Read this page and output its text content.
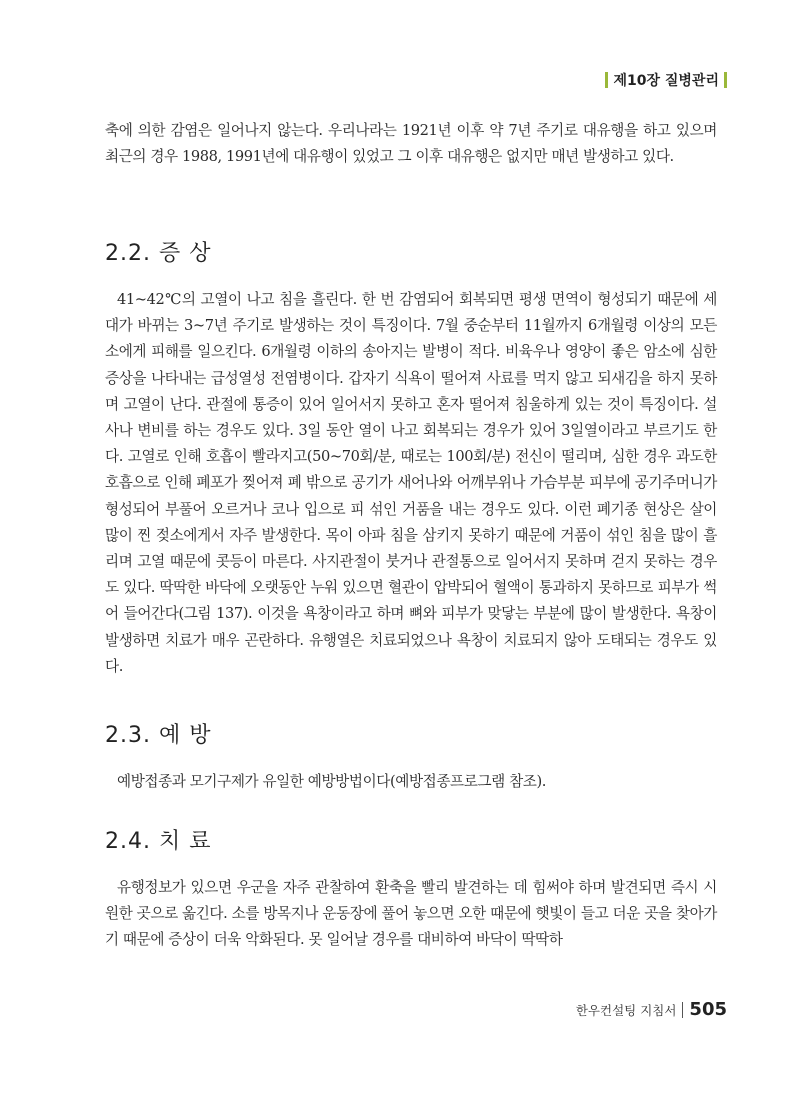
제10장 질병관리

축에 의한 감염은 일어나지 않는다. 우리나라는 1921년 이후 약 7년 주기로 대유행을 하고 있으며 최근의 경우 1988, 1991년에 대유행이 있었고 그 이후 대유행은 없지만 매년 발생하고 있다.

2.2. 증 상

41~42℃의 고열이 나고 침을 흘린다. 한 번 감염되어 회복되면 평생 면역이 형성되기 때문에 세대가 바뀌는 3~7년 주기로 발생하는 것이 특징이다. 7월 중순부터 11월까지 6개월령 이상의 모든 소에게 피해를 일으킨다. 6개월령 이하의 송아지는 발병이 적다. 비육우나 영양이 좋은 암소에 심한 증상을 나타내는 급성열성 전염병이다. 갑자기 식욕이 떨어져 사료를 먹지 않고 되새김을 하지 못하며 고열이 난다. 관절에 통증이 있어 일어서지 못하고 혼자 떨어져 침울하게 있는 것이 특징이다. 설사나 변비를 하는 경우도 있다. 3일 동안 열이 나고 회복되는 경우가 있어 3일열이라고 부르기도 한다. 고열로 인해 호흡이 빨라지고(50~70회/분, 때로는 100회/분) 전신이 떨리며, 심한 경우 과도한 호흡으로 인해 폐포가 찢어져 폐 밖으로 공기가 새어나와 어깨부위나 가슴부분 피부에 공기주머니가 형성되어 부풀어 오르거나 코나 입으로 피 섞인 거품을 내는 경우도 있다. 이런 폐기종 현상은 살이 많이 찐 젖소에게서 자주 발생한다. 목이 아파 침을 삼키지 못하기 때문에 거품이 섞인 침을 많이 흘리며 고열 때문에 콧등이 마른다. 사지관절이 붓거나 관절통으로 일어서지 못하며 걷지 못하는 경우도 있다. 딱딱한 바닥에 오랫동안 누워 있으면 혈관이 압박되어 혈액이 통과하지 못하므로 피부가 썩어 들어간다(그림 137). 이것을 욕창이라고 하며 뼈와 피부가 맞닿는 부분에 많이 발생한다. 욕창이 발생하면 치료가 매우 곤란하다. 유행열은 치료되었으나 욕창이 치료되지 않아 도태되는 경우도 있다.

2.3. 예 방

예방접종과 모기구제가 유일한 예방방법이다(예방접종프로그램 참조).

2.4. 치 료

유행정보가 있으면 우군을 자주 관찰하여 환축을 빨리 발견하는 데 힘써야 하며 발견되면 즉시 시원한 곳으로 옮긴다. 소를 방목지나 운동장에 풀어 놓으면 오한 때문에 햇빛이 들고 더운 곳을 찾아가기 때문에 증상이 더욱 악화된다. 못 일어날 경우를 대비하여 바닥이 딱딱하

한우컨설팅 지침서 505
